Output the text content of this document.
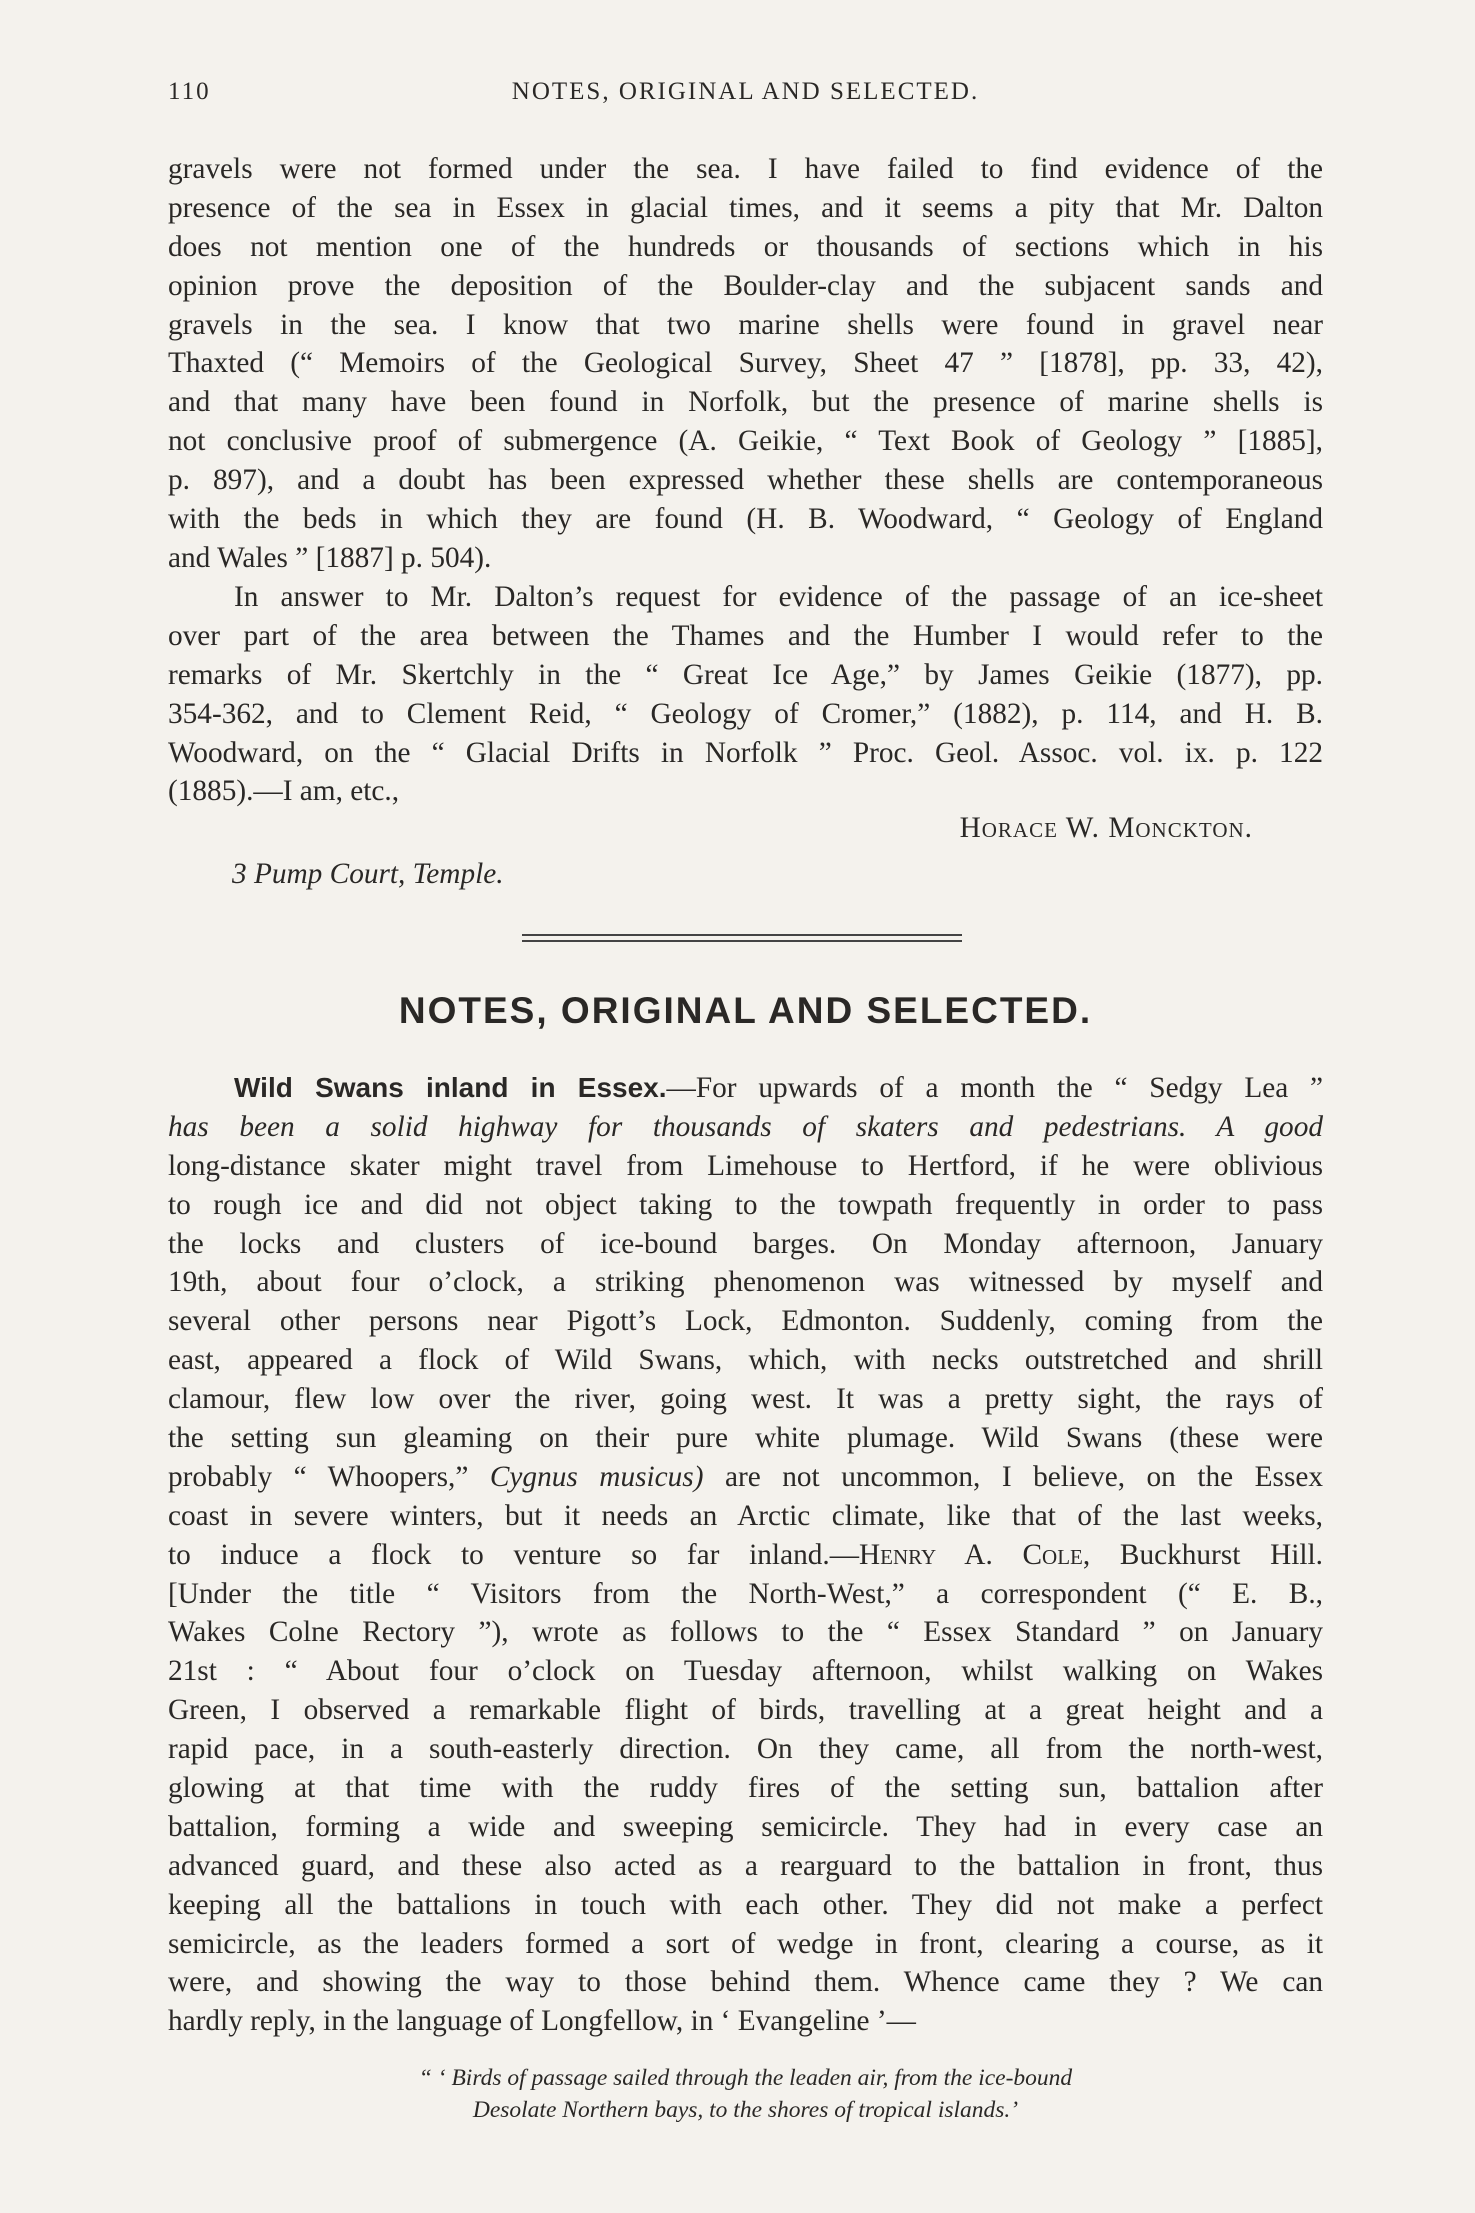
110	NOTES, ORIGINAL AND SELECTED.
gravels were not formed under the sea. I have failed to find evidence of the
presence of the sea in Essex in glacial times, and it seems a pity that Mr. Dalton
does not mention one of the hundreds or thousands of sections which in his
opinion prove the deposition of the Boulder-clay and the subjacent sands and
gravels in the sea. I know that two marine shells were found in gravel near
Thaxted (“ Memoirs of the Geological Survey, Sheet 47 ” [1878], pp. 33, 42),
and that many have been found in Norfolk, but the presence of marine shells is
not conclusive proof of submergence (A. Geikie, “ Text Book of Geology ” [1885],
p. 897), and a doubt has been expressed whether these shells are contemporaneous
with the beds in which they are found (H. B. Woodward, “ Geology of England
and Wales ” [1887] p. 504).
In answer to Mr. Dalton’s request for evidence of the passage of an ice-sheet
over part of the area between the Thames and the Humber I would refer to the
remarks of Mr. Skertchly in the “ Great Ice Age,” by James Geikie (1877), pp.
354-362, and to Clement Reid, “ Geology of Cromer,” (1882), p. 114, and H. B.
Woodward, on the “ Glacial Drifts in Norfolk ” Proc. Geol. Assoc. vol. ix. p. 122
(1885).—I am, etc.,
Horace W. Monckton.
3 Pump Court, Temple.
NOTES, ORIGINAL AND SELECTED.
Wild Swans inland in Essex.—For upwards of a month the “ Sedgy Lea ”
has been a solid highway for thousands of skaters and pedestrians. A good
long-distance skater might travel from Limehouse to Hertford, if he were oblivious
to rough ice and did not object taking to the towpath frequently in order to pass
the locks and clusters of ice-bound barges. On Monday afternoon, January
19th, about four o’clock, a striking phenomenon was witnessed by myself and
several other persons near Pigott’s Lock, Edmonton. Suddenly, coming from the
east, appeared a flock of Wild Swans, which, with necks outstretched and shrill
clamour, flew low over the river, going west. It was a pretty sight, the rays of
the setting sun gleaming on their pure white plumage. Wild Swans (these were
probably “ Whoopers,” Cygnus musicus) are not uncommon, I believe, on the Essex
coast in severe winters, but it needs an Arctic climate, like that of the last weeks,
to induce a flock to venture so far inland.—Henry A. Cole, Buckhurst Hill.
[Under the title “ Visitors from the North-West,” a correspondent (“ E. B.,
Wakes Colne Rectory ”), wrote as follows to the “ Essex Standard ” on January
21st : “ About four o’clock on Tuesday afternoon, whilst walking on Wakes
Green, I observed a remarkable flight of birds, travelling at a great height and a
rapid pace, in a south-easterly direction. On they came, all from the north-west,
glowing at that time with the ruddy fires of the setting sun, battalion after
battalion, forming a wide and sweeping semicircle. They had in every case an
advanced guard, and these also acted as a rearguard to the battalion in front, thus
keeping all the battalions in touch with each other. They did not make a perfect
semicircle, as the leaders formed a sort of wedge in front, clearing a course, as it
were, and showing the way to those behind them. Whence came they ? We can
hardly reply, in the language of Longfellow, in ‘ Evangeline ’—
“ ‘ Birds of passage sailed through the leaden air, from the ice-bound
Desolate Northern bays, to the shores of tropical islands.’
